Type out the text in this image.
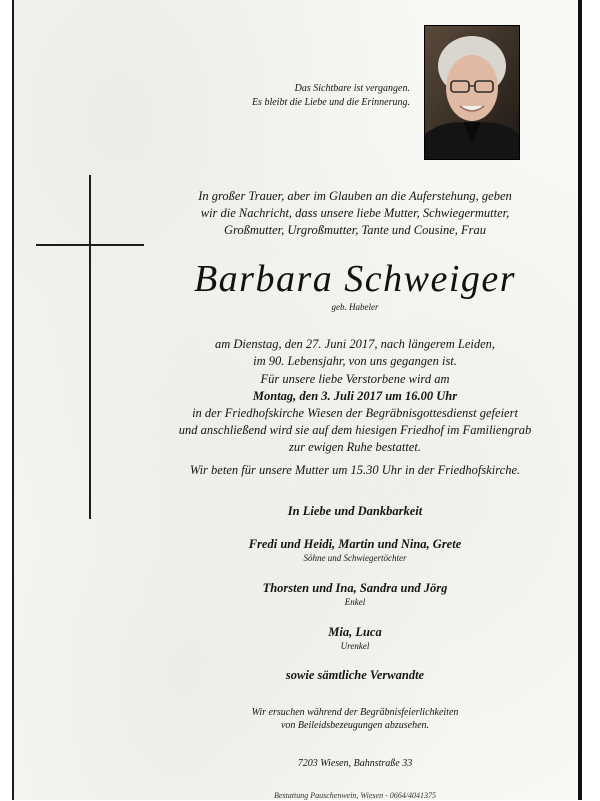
Das Sichtbare ist vergangen.
Es bleibt die Liebe und die Erinnerung.
In großer Trauer, aber im Glauben an die Auferstehung, geben
wir die Nachricht, dass unsere liebe Mutter, Schwiegermutter,
Großmutter, Urgroßmutter, Tante und Cousine, Frau
Barbara Schweiger
geb. Habeler
am Dienstag, den 27. Juni 2017, nach längerem Leiden,
im 90. Lebensjahr, von uns gegangen ist.
Für unsere liebe Verstorbene wird am
Montag, den 3. Juli 2017 um 16.00 Uhr
in der Friedhofskirche Wiesen der Begräbnisgottesdienst gefeiert
und anschließend wird sie auf dem hiesigen Friedhof im Familiengrab
zur ewigen Ruhe bestattet.
Wir beten für unsere Mutter um 15.30 Uhr in der Friedhofskirche.
In Liebe und Dankbarkeit
Fredi und Heidi, Martin und Nina, Grete
Söhne und Schwiegertöchter
Thorsten und Ina, Sandra und Jörg
Enkel
Mia, Luca
Urenkel
sowie sämtliche Verwandte
Wir ersuchen während der Begräbnisfeierlichkeiten
von Beileidsbezeugungen abzusehen.
7203 Wiesen, Bahnstraße 33
Bestattung Pauschenwein, Wiesen - 0664/4041375
